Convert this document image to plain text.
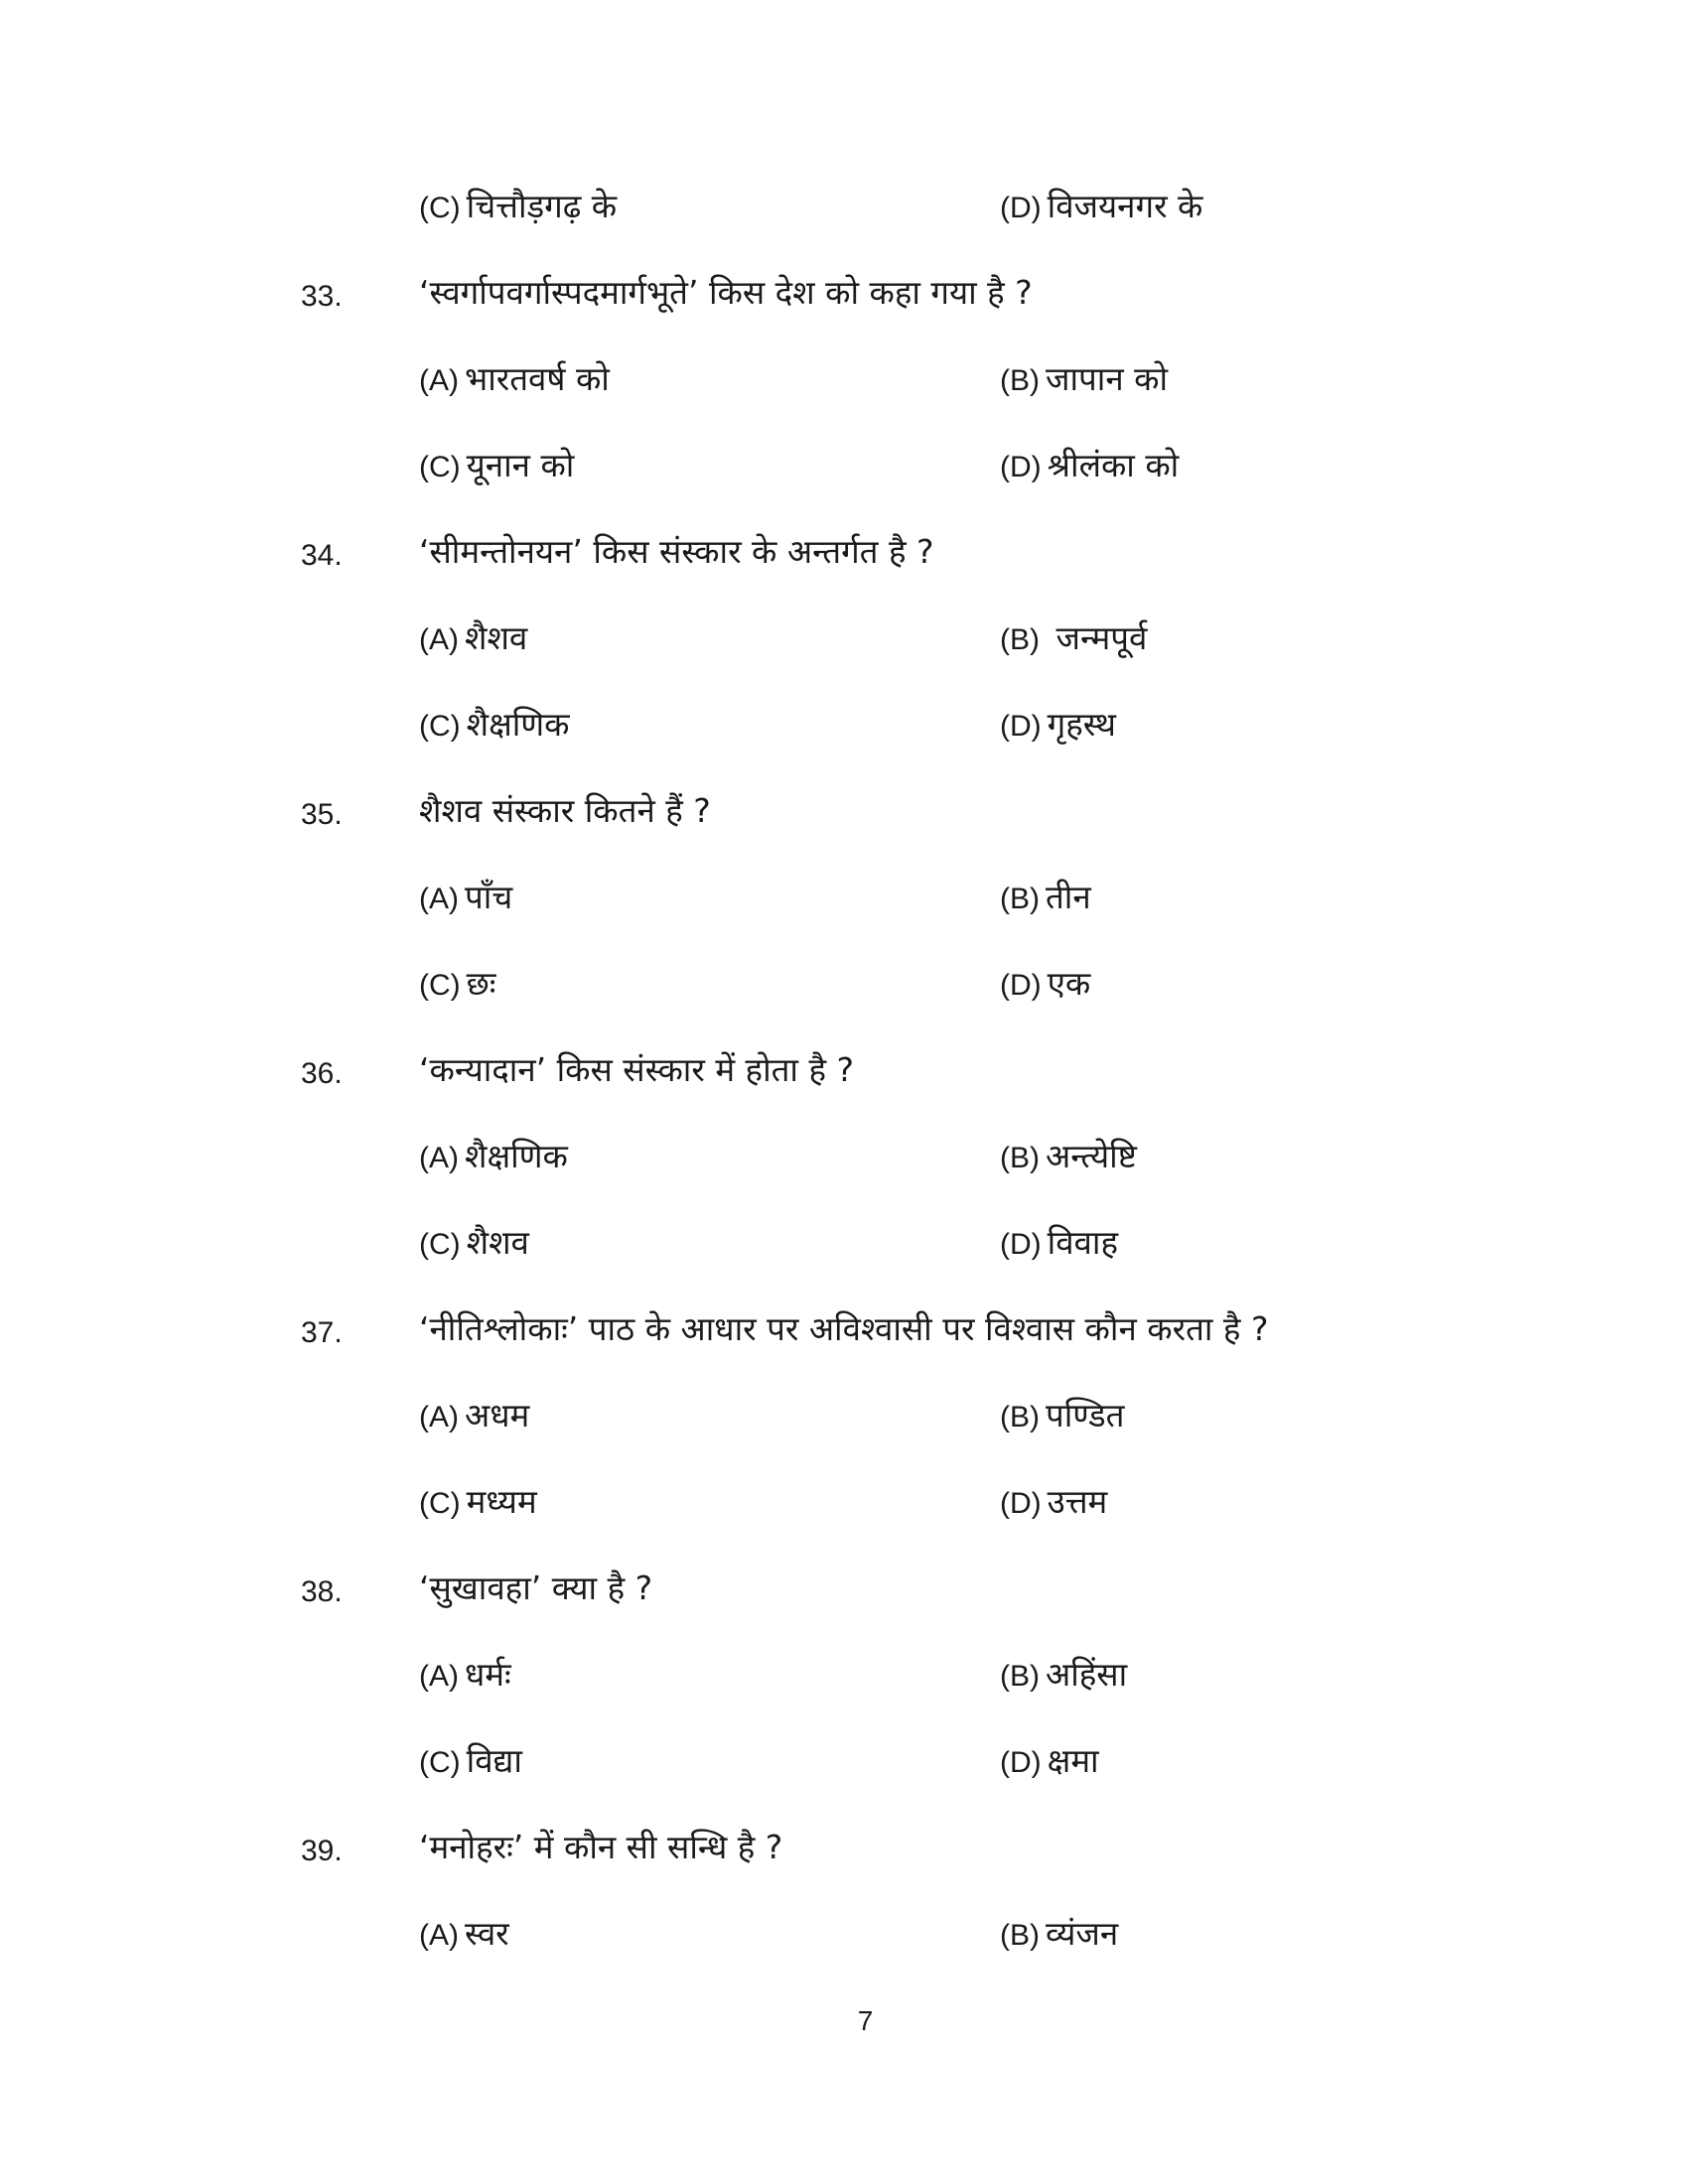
(C) चित्तौड़गढ़ के	(D) विजयनगर के
33. ‘स्वर्गापवर्गास्पदमार्गभूते’ किस देश को कहा गया है ?
(A) भारतवर्ष को	(B) जापान को
(C) यूनान को	(D) श्रीलंका को
34. ‘सीमन्तोनयन’ किस संस्कार के अन्तर्गत है ?
(A) शैशव	(B) जन्मपूर्व
(C) शैक्षणिक	(D) गृहस्थ
35. शैशव संस्कार कितने हैं ?
(A) पाँच	(B) तीन
(C) छः	(D) एक
36. ‘कन्यादान’ किस संस्कार में होता है ?
(A) शैक्षणिक	(B) अन्त्येष्टि
(C) शैशव	(D) विवाह
37. ‘नीतिश्लोकाः’ पाठ के आधार पर अविश्वासी पर विश्वास कौन करता है ?
(A) अधम	(B) पण्डित
(C) मध्यम	(D) उत्तम
38. ‘सुखावहा’ क्या है ?
(A) धर्मः	(B) अहिंसा
(C) विद्या	(D) क्षमा
39. ‘मनोहरः’ में कौन सी सन्धि है ?
(A) स्वर	(B) व्यंजन
7
